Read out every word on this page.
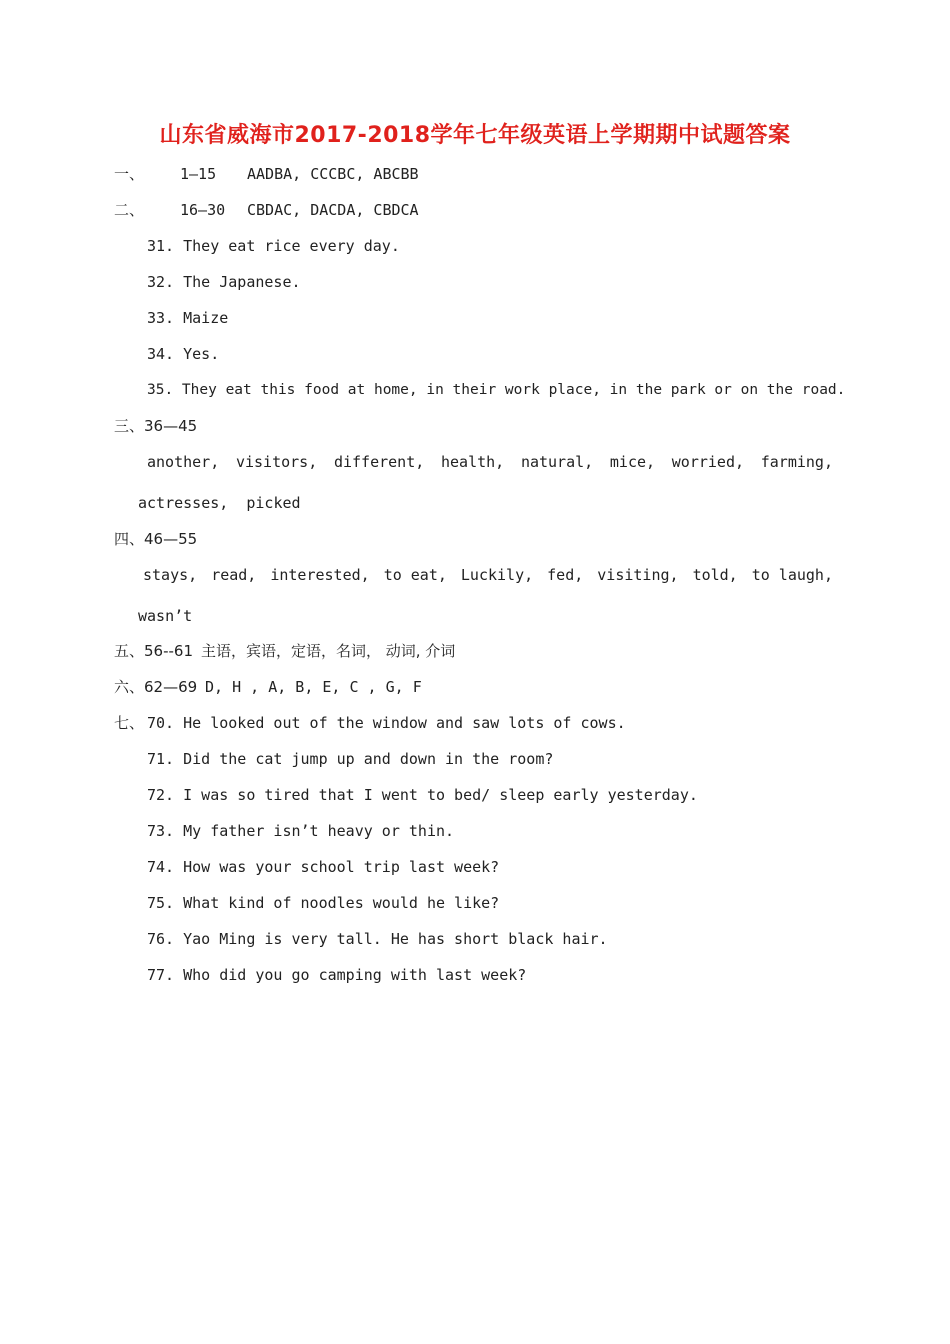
山东省威海市2017-2018学年七年级英语上学期期中试题答案
一、 1—15 AADBA, CCCBC, ABCBB
二、 16—30 CBDAC, DACDA, CBDCA
31. They eat rice every day.
32. The Japanese.
33. Maize
34. Yes.
35. They eat this food at home, in their work place, in the park or on the road.
三、36—45
another, visitors, different, health, natural, mice, worried, farming,
actresses,  picked
四、46—55
stays, read, interested, to eat, Luckily, fed, visiting, told, to laugh,
wasn’t
五、56--61 主语，宾语，定语，名词， 动词, 介词
六、62—69 D, H , A, B, E, C , G, F
七、 70. He looked out of the window and saw lots of cows.
71. Did the cat jump up and down in the room?
72. I was so tired that I went to bed/ sleep early yesterday.
73. My father isn’t heavy or thin.
74. How was your school trip last week?
75. What kind of noodles would he like?
76. Yao Ming is very tall. He has short black hair.
77. Who did you go camping with last week?
